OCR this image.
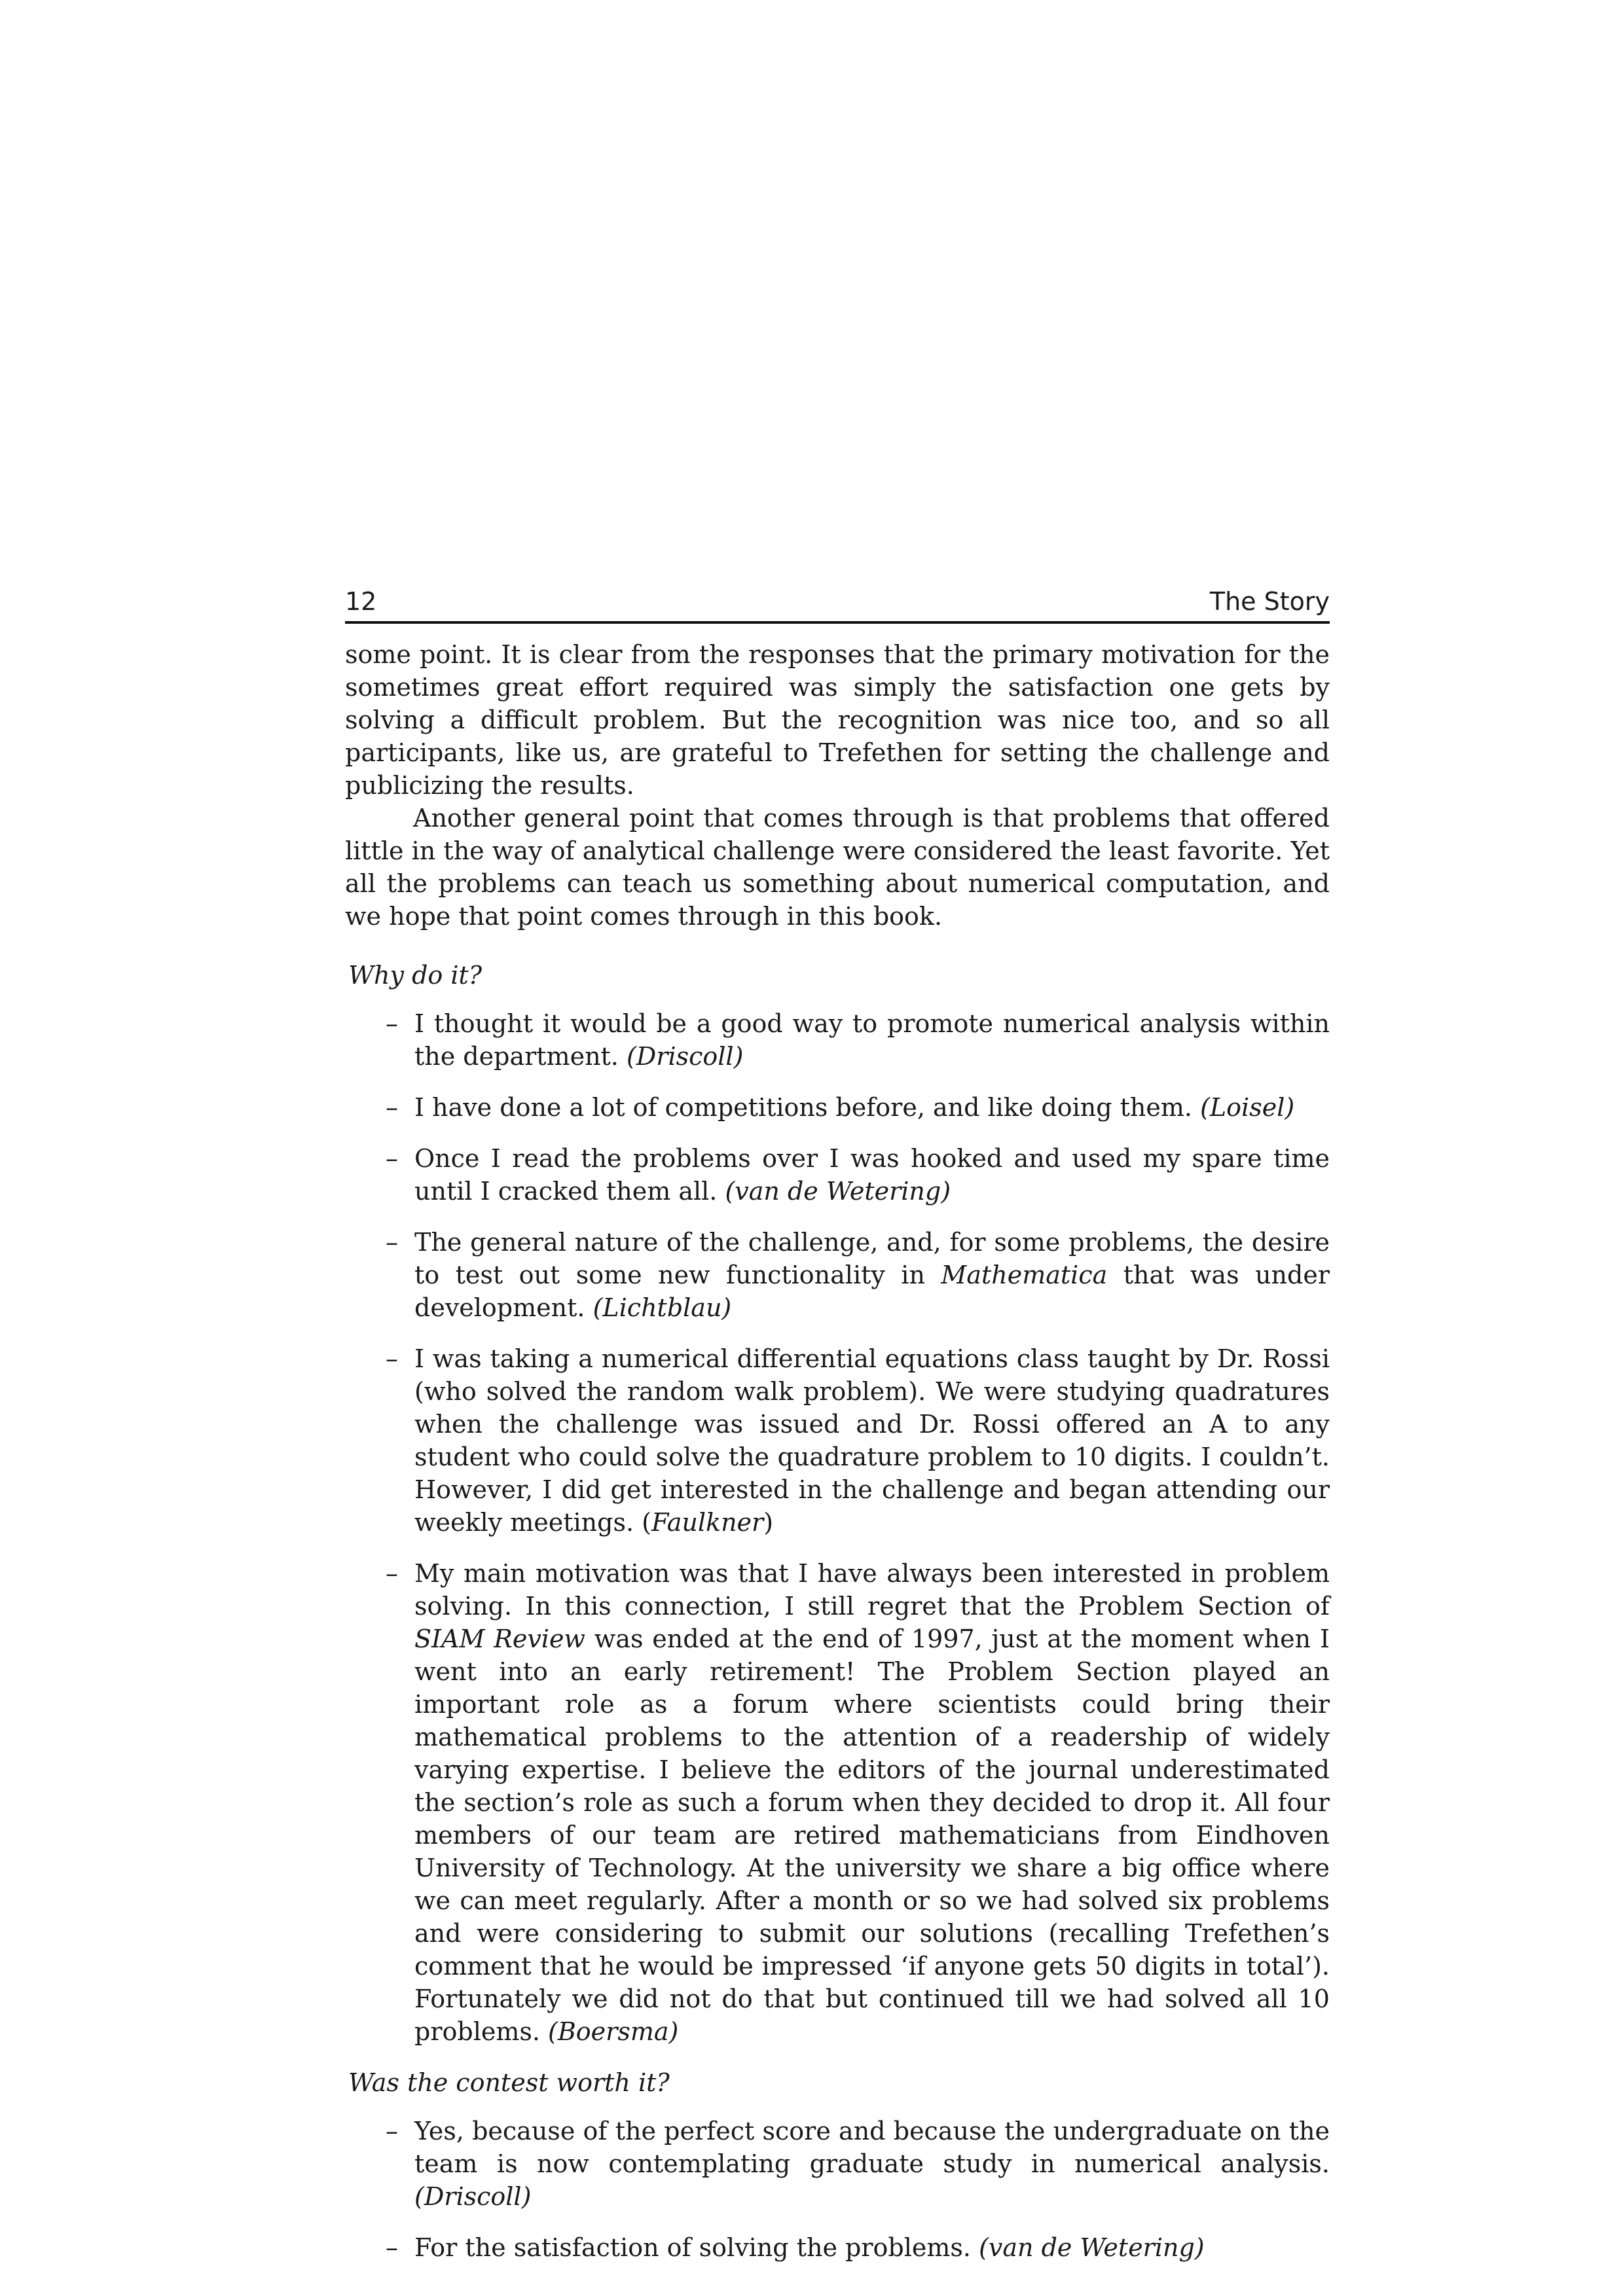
12	The Story

some point. It is clear from the responses that the primary motivation for the sometimes great effort required was simply the satisfaction one gets by solving a difficult problem. But the recognition was nice too, and so all participants, like us, are grateful to Trefethen for setting the challenge and publicizing the results.

Another general point that comes through is that problems that offered little in the way of analytical challenge were considered the least favorite. Yet all the problems can teach us something about numerical computation, and we hope that point comes through in this book.

Why do it?
– I thought it would be a good way to promote numerical analysis within the department. (Driscoll)
– I have done a lot of competitions before, and like doing them. (Loisel)
– Once I read the problems over I was hooked and used my spare time until I cracked them all. (van de Wetering)
– The general nature of the challenge, and, for some problems, the desire to test out some new functionality in Mathematica that was under development. (Lichtblau)
– I was taking a numerical differential equations class taught by Dr. Rossi (who solved the random walk problem). We were studying quadratures when the challenge was issued and Dr. Rossi offered an A to any student who could solve the quadrature problem to 10 digits. I couldn’t. However, I did get interested in the challenge and began attending our weekly meetings. (Faulkner)
– My main motivation was that I have always been interested in problem solving. In this connection, I still regret that the Problem Section of SIAM Review was ended at the end of 1997, just at the moment when I went into an early retirement! The Problem Section played an important role as a forum where scientists could bring their mathematical problems to the attention of a readership of widely varying expertise. I believe the editors of the journal underestimated the section’s role as such a forum when they decided to drop it. All four members of our team are retired mathematicians from Eindhoven University of Technology. At the university we share a big office where we can meet regularly. After a month or so we had solved six problems and were considering to submit our solutions (recalling Trefethen’s comment that he would be impressed ‘if anyone gets 50 digits in total’). Fortunately we did not do that but continued till we had solved all 10 problems. (Boersma)
Was the contest worth it?
– Yes, because of the perfect score and because the undergraduate on the team is now contemplating graduate study in numerical analysis. (Driscoll)
– For the satisfaction of solving the problems. (van de Wetering)
